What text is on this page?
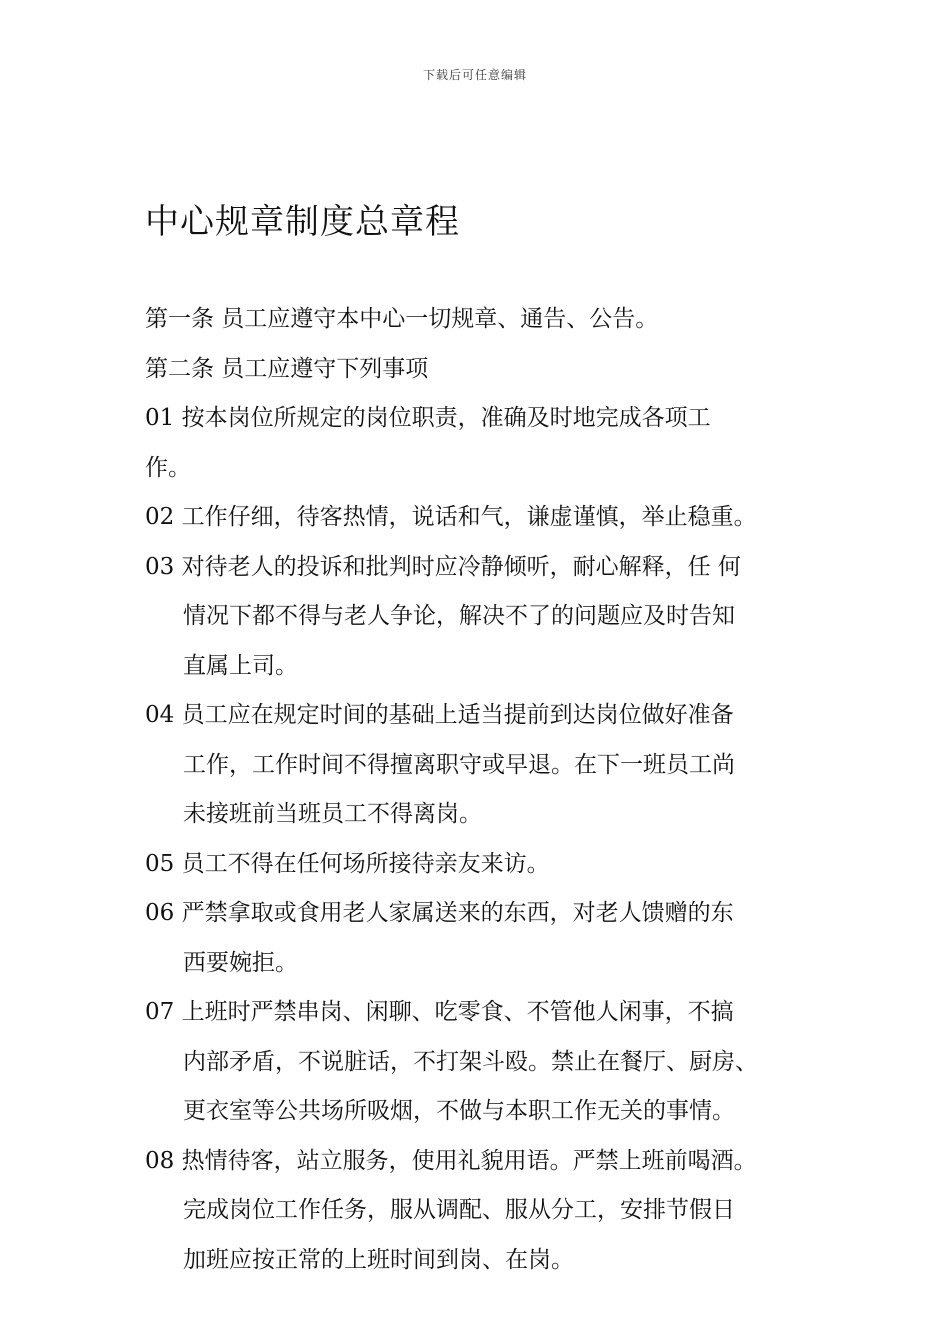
下载后可任意编辑
中心规章制度总章程
第一条 员工应遵守本中心一切规章、通告、公告。
第二条 员工应遵守下列事项
01 按本岗位所规定的岗位职责，准确及时地完成各项工
作。
02 工作仔细，待客热情，说话和气，谦虚谨慎，举止稳重。
03 对待老人的投诉和批判时应冷静倾听，耐心解释，任 何
情况下都不得与老人争论，解决不了的问题应及时告知
直属上司。
04 员工应在规定时间的基础上适当提前到达岗位做好准备
工作，工作时间不得擅离职守或早退。在下一班员工尚
未接班前当班员工不得离岗。
05 员工不得在任何场所接待亲友来访。
06 严禁拿取或食用老人家属送来的东西，对老人馈赠的东
西要婉拒。
07 上班时严禁串岗、闲聊、吃零食、不管他人闲事，不搞
内部矛盾，不说脏话，不打架斗殴。禁止在餐厅、厨房、
更衣室等公共场所吸烟，不做与本职工作无关的事情。
08 热情待客，站立服务，使用礼貌用语。严禁上班前喝酒。
完成岗位工作任务，服从调配、服从分工，安排节假日
加班应按正常的上班时间到岗、在岗。
